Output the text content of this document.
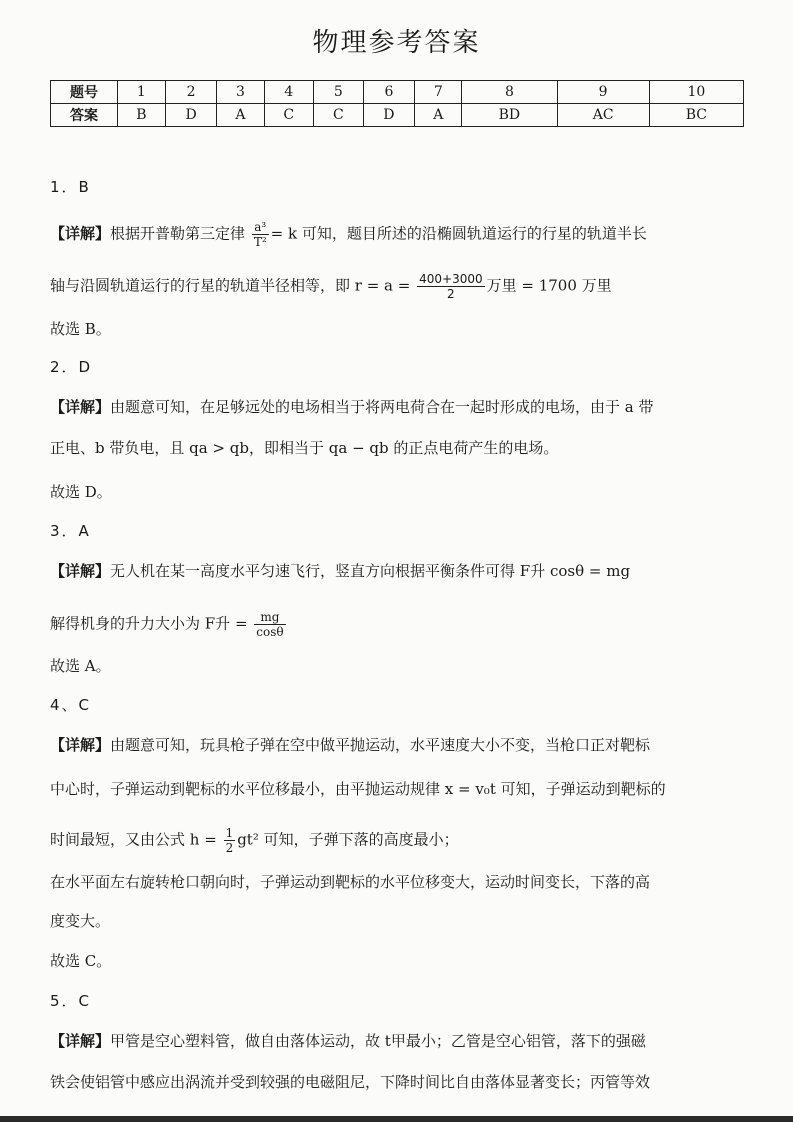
物理参考答案
题号	1	2	3	4	5	6	7	8	9	10
答案	B	D	A	C	C	D	A	BD	AC	BC
1．B
【详解】根据开普勒第三定律 $\frac{\text{a³}}{\text{T²}} = k$ 可知，题目所述的沿椭圆轨道运行的行星的轨道半长
轴与沿圆轨道运行的行星的轨道半径相等，即 $r = a = \frac{400+3000}{2}$ 万里 = 1700 万里
故选 B。
2．D
【详解】由题意可知，在足够远处的电场相当于将两电荷合在一起时形成的电场，由于 a 带
正电、b 带负电，且 qa > qb，即相当于 qa − qb 的正点电荷产生的电场。
故选 D。
3．A
【详解】无人机在某一高度水平匀速飞行，竖直方向根据平衡条件可得 F升 cosθ = mg
解得机身的升力大小为 F升 = $\frac{mg}{\cos\theta}$
故选 A。
4、C
【详解】由题意可知，玩具枪子弹在空中做平抛运动，水平速度大小不变，当枪口正对靶标
中心时，子弹运动到靶标的水平位移最小，由平抛运动规律 x = v₀t 可知，子弹运动到靶标的
时间最短，又由公式 $h = \frac{1}{2} gt^2$ 可知，子弹下落的高度最小；
在水平面左右旋转枪口朝向时，子弹运动到靶标的水平位移变大，运动时间变长，下落的高
度变大。
故选 C。
5．C
【详解】甲管是空心塑料管，做自由落体运动，故 t甲最小；乙管是空心铝管，落下的强磁
铁会使铝管中感应出涡流并受到较强的电磁阻尼，下降时间比自由落体显著变长；丙管等效
